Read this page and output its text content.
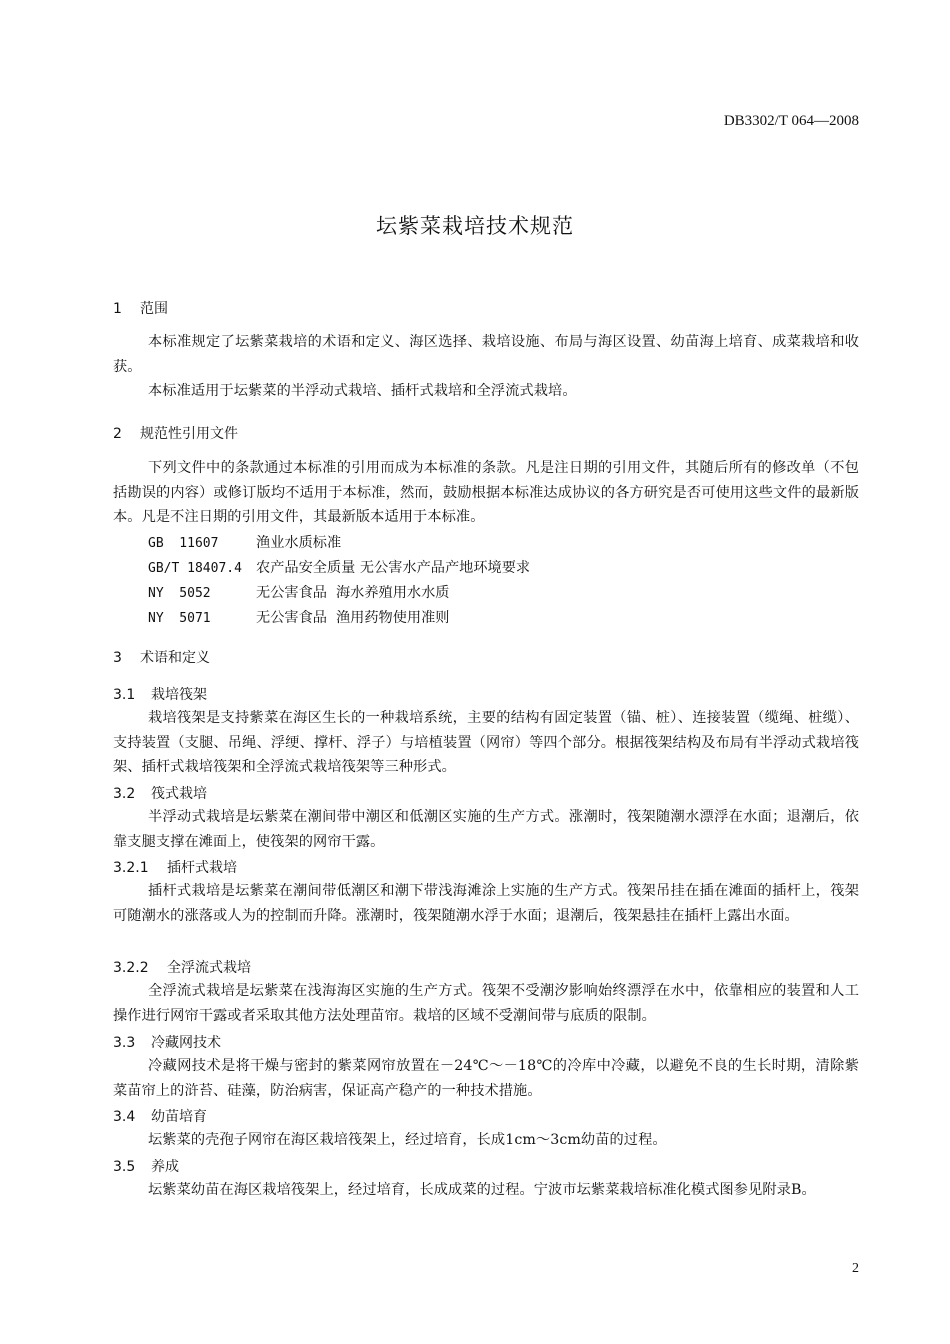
DB3302/T 064—2008
坛紫菜栽培技术规范
1 范围
本标准规定了坛紫菜栽培的术语和定义、海区选择、栽培设施、布局与海区设置、幼苗海上培育、成菜栽培和收获。
本标准适用于坛紫菜的半浮动式栽培、插杆式栽培和全浮流式栽培。
2 规范性引用文件
下列文件中的条款通过本标准的引用而成为本标准的条款。凡是注日期的引用文件，其随后所有的修改单（不包括勘误的内容）或修订版均不适用于本标准，然而，鼓励根据本标准达成协议的各方研究是否可使用这些文件的最新版本。凡是不注日期的引用文件，其最新版本适用于本标准。
GB  11607	渔业水质标准
GB/T 18407.4 农产品安全质量 无公害水产品产地环境要求
NY  5052	无公害食品  海水养殖用水水质
NY  5071	无公害食品  渔用药物使用准则
3 术语和定义
3.1 栽培筏架
栽培筏架是支持紫菜在海区生长的一种栽培系统，主要的结构有固定装置（锚、桩）、连接装置（缆绳、桩缆）、支持装置（支腿、吊绳、浮绠、撑杆、浮子）与培植装置（网帘）等四个部分。根据筏架结构及布局有半浮动式栽培筏架、插杆式栽培筏架和全浮流式栽培筏架等三种形式。
3.2 筏式栽培
半浮动式栽培是坛紫菜在潮间带中潮区和低潮区实施的生产方式。涨潮时，筏架随潮水漂浮在水面；退潮后，依靠支腿支撑在滩面上，使筏架的网帘干露。
3.2.1 插杆式栽培
插杆式栽培是坛紫菜在潮间带低潮区和潮下带浅海滩涂上实施的生产方式。筏架吊挂在插在滩面的插杆上，筏架可随潮水的涨落或人为的控制而升降。涨潮时，筏架随潮水浮于水面；退潮后，筏架悬挂在插杆上露出水面。
3.2.2 全浮流式栽培
全浮流式栽培是坛紫菜在浅海海区实施的生产方式。筏架不受潮汐影响始终漂浮在水中，依靠相应的装置和人工操作进行网帘干露或者采取其他方法处理苗帘。栽培的区域不受潮间带与底质的限制。
3.3 冷藏网技术
冷藏网技术是将干燥与密封的紫菜网帘放置在－24℃～－18℃的冷库中冷藏，以避免不良的生长时期，清除紫菜苗帘上的浒苔、硅藻，防治病害，保证高产稳产的一种技术措施。
3.4 幼苗培育
坛紫菜的壳孢子网帘在海区栽培筏架上，经过培育，长成1cm～3cm幼苗的过程。
3.5 养成
坛紫菜幼苗在海区栽培筏架上，经过培育，长成成菜的过程。宁波市坛紫菜栽培标准化模式图参见附录B。
2
